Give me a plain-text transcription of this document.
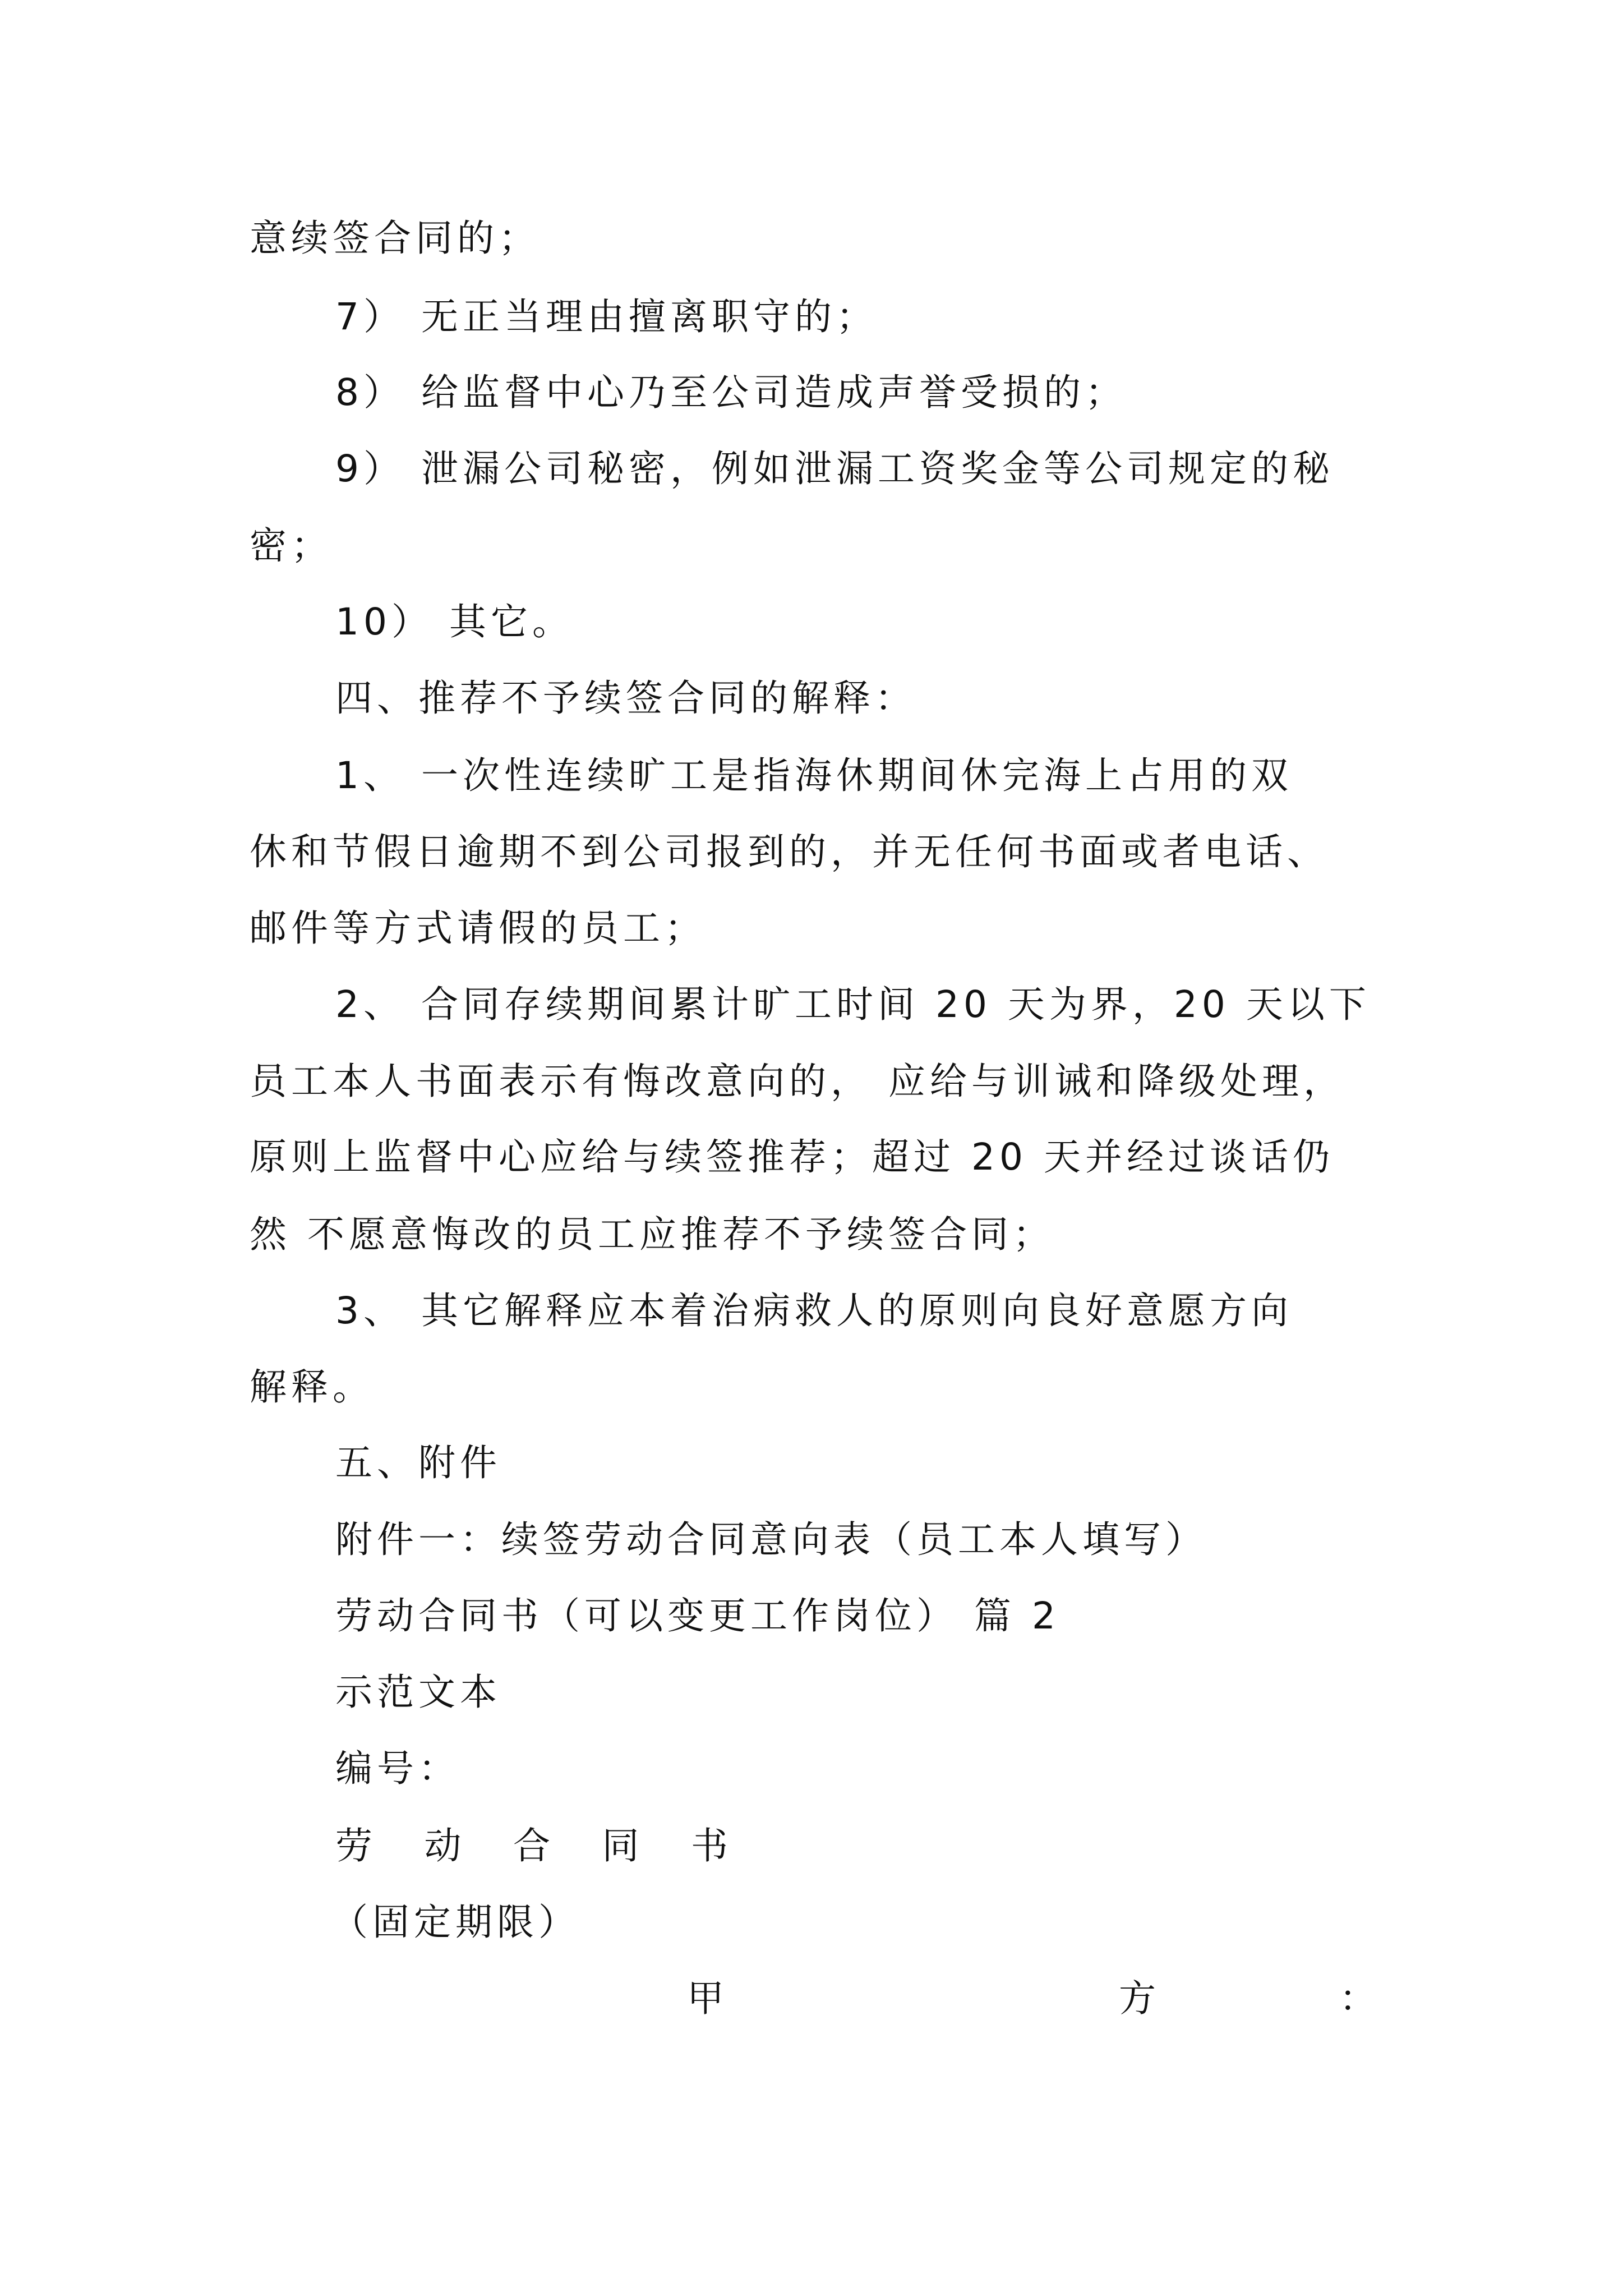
意续签合同的；
7） 无正当理由擅离职守的；
8） 给监督中心乃至公司造成声誉受损的；
9） 泄漏公司秘密，例如泄漏工资奖金等公司规定的秘
密；
10） 其它。
四、推荐不予续签合同的解释：
1、 一次性连续旷工是指海休期间休完海上占用的双
休和节假日逾期不到公司报到的，并无任何书面或者电话、
邮件等方式请假的员工；
2、 合同存续期间累计旷工时间 20 天为界，20 天以下
员工本人书面表示有悔改意向的， 应给与训诫和降级处理，
原则上监督中心应给与续签推荐；超过 20 天并经过谈话仍
然 不愿意悔改的员工应推荐不予续签合同；
3、 其它解释应本着治病救人的原则向良好意愿方向
解释。
五、附件
附件一：续签劳动合同意向表（员工本人填写）
劳动合同书（可以变更工作岗位） 篇 2
示范文本
编号：
劳 动 合 同 书
（固定期限）
甲	方	：
